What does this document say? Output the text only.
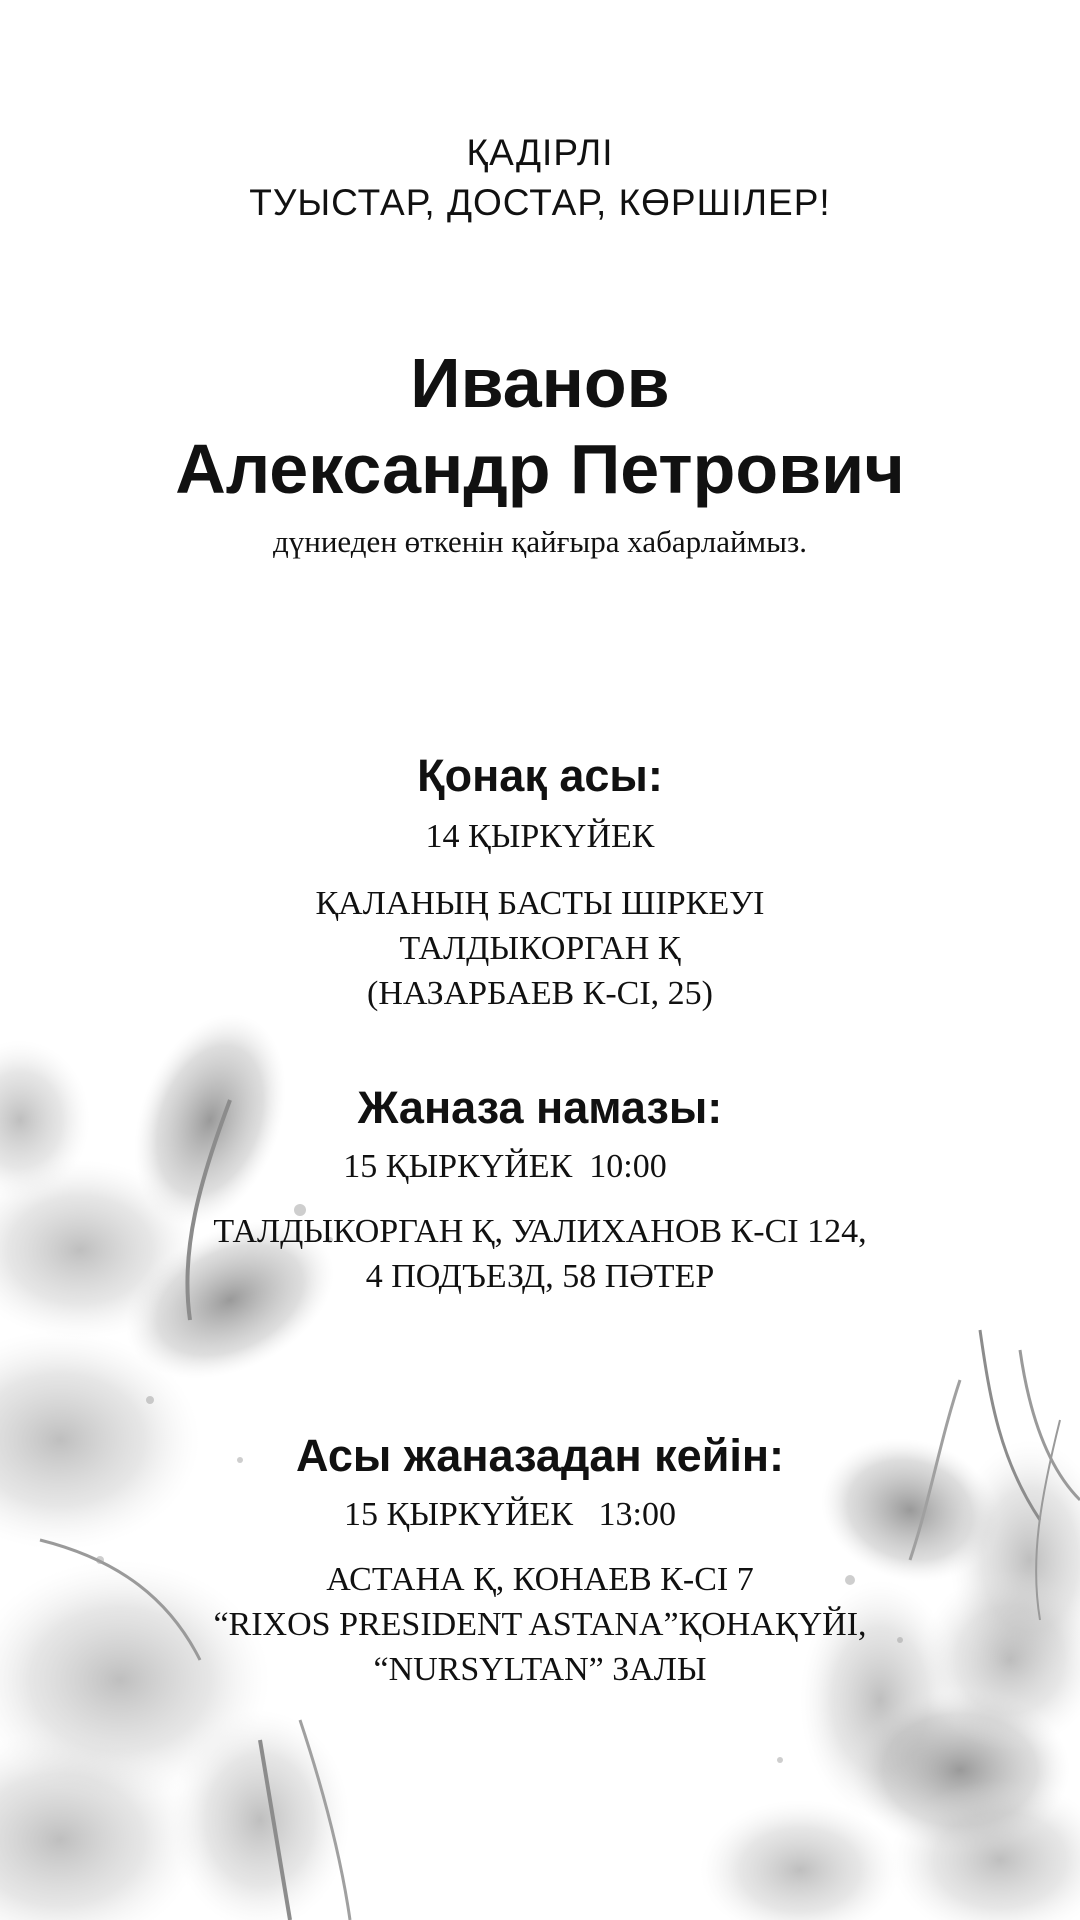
ҚАДІРЛІ
ТУЫСТАР, ДОСТАР, КӨРШІЛЕР!
Иванов
Александр Петрович
дүниеден өткенін қайғыра хабарлаймыз.
Қонақ асы:
14 ҚЫРКҮЙЕК
ҚАЛАНЫҢ БАСТЫ ШІРКЕУІ
ТАЛДЫКОРГАН Қ
(НАЗАРБАЕВ К-СІ, 25)
Жаназа намазы:
15 ҚЫРКҮЙЕК  10:00
ТАЛДЫКОРГАН Қ, УАЛИХАНОВ К-СІ 124,
4 ПОДЪЕЗД, 58 ПӘТЕР
Асы жаназадан кейін:
15 ҚЫРКҮЙЕК   13:00
АСТАНА Қ, КОНАЕВ К-СІ 7
“RIXOS PRESIDENT ASTANA”ҚОНАҚҮЙІ,
“NURSYLTAN” ЗАЛЫ
